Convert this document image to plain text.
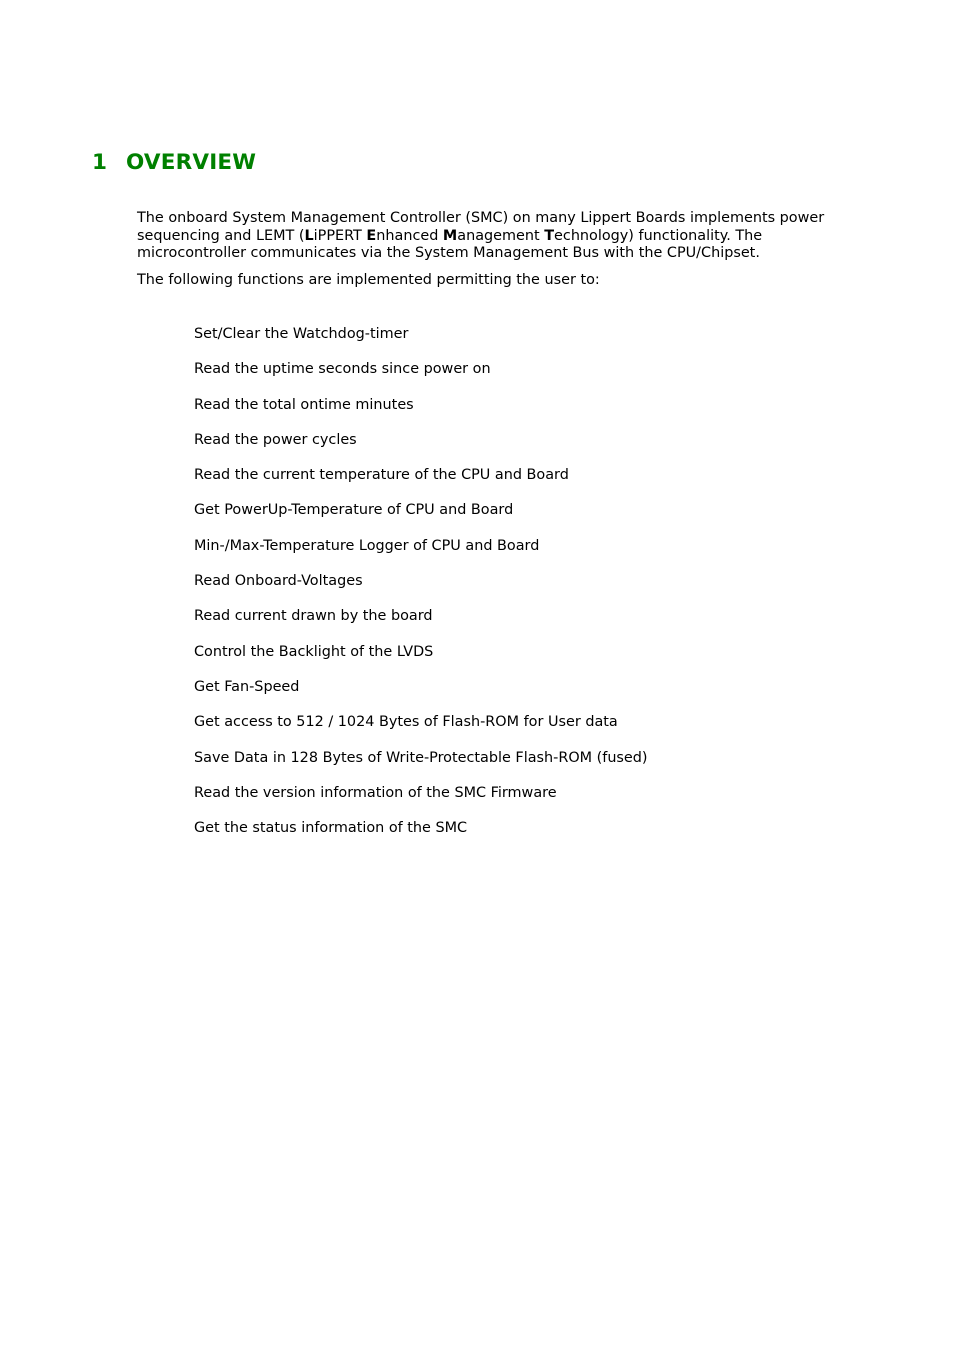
1 OVERVIEW

The onboard System Management Controller (SMC) on many Lippert Boards implements power sequencing and LEMT (LiPPERT Enhanced Management Technology) functionality. The microcontroller communicates via the System Management Bus with the CPU/Chipset.

The following functions are implemented permitting the user to:

Set/Clear the Watchdog-timer
Read the uptime seconds since power on
Read the total ontime minutes
Read the power cycles
Read the current temperature of the CPU and Board
Get PowerUp-Temperature of CPU and Board
Min-/Max-Temperature Logger of CPU and Board
Read Onboard-Voltages
Read current drawn by the board
Control the Backlight of the LVDS
Get Fan-Speed
Get access to 512 / 1024 Bytes of Flash-ROM for User data
Save Data in 128 Bytes of Write-Protectable Flash-ROM (fused)
Read the version information of the SMC Firmware
Get the status information of the SMC
